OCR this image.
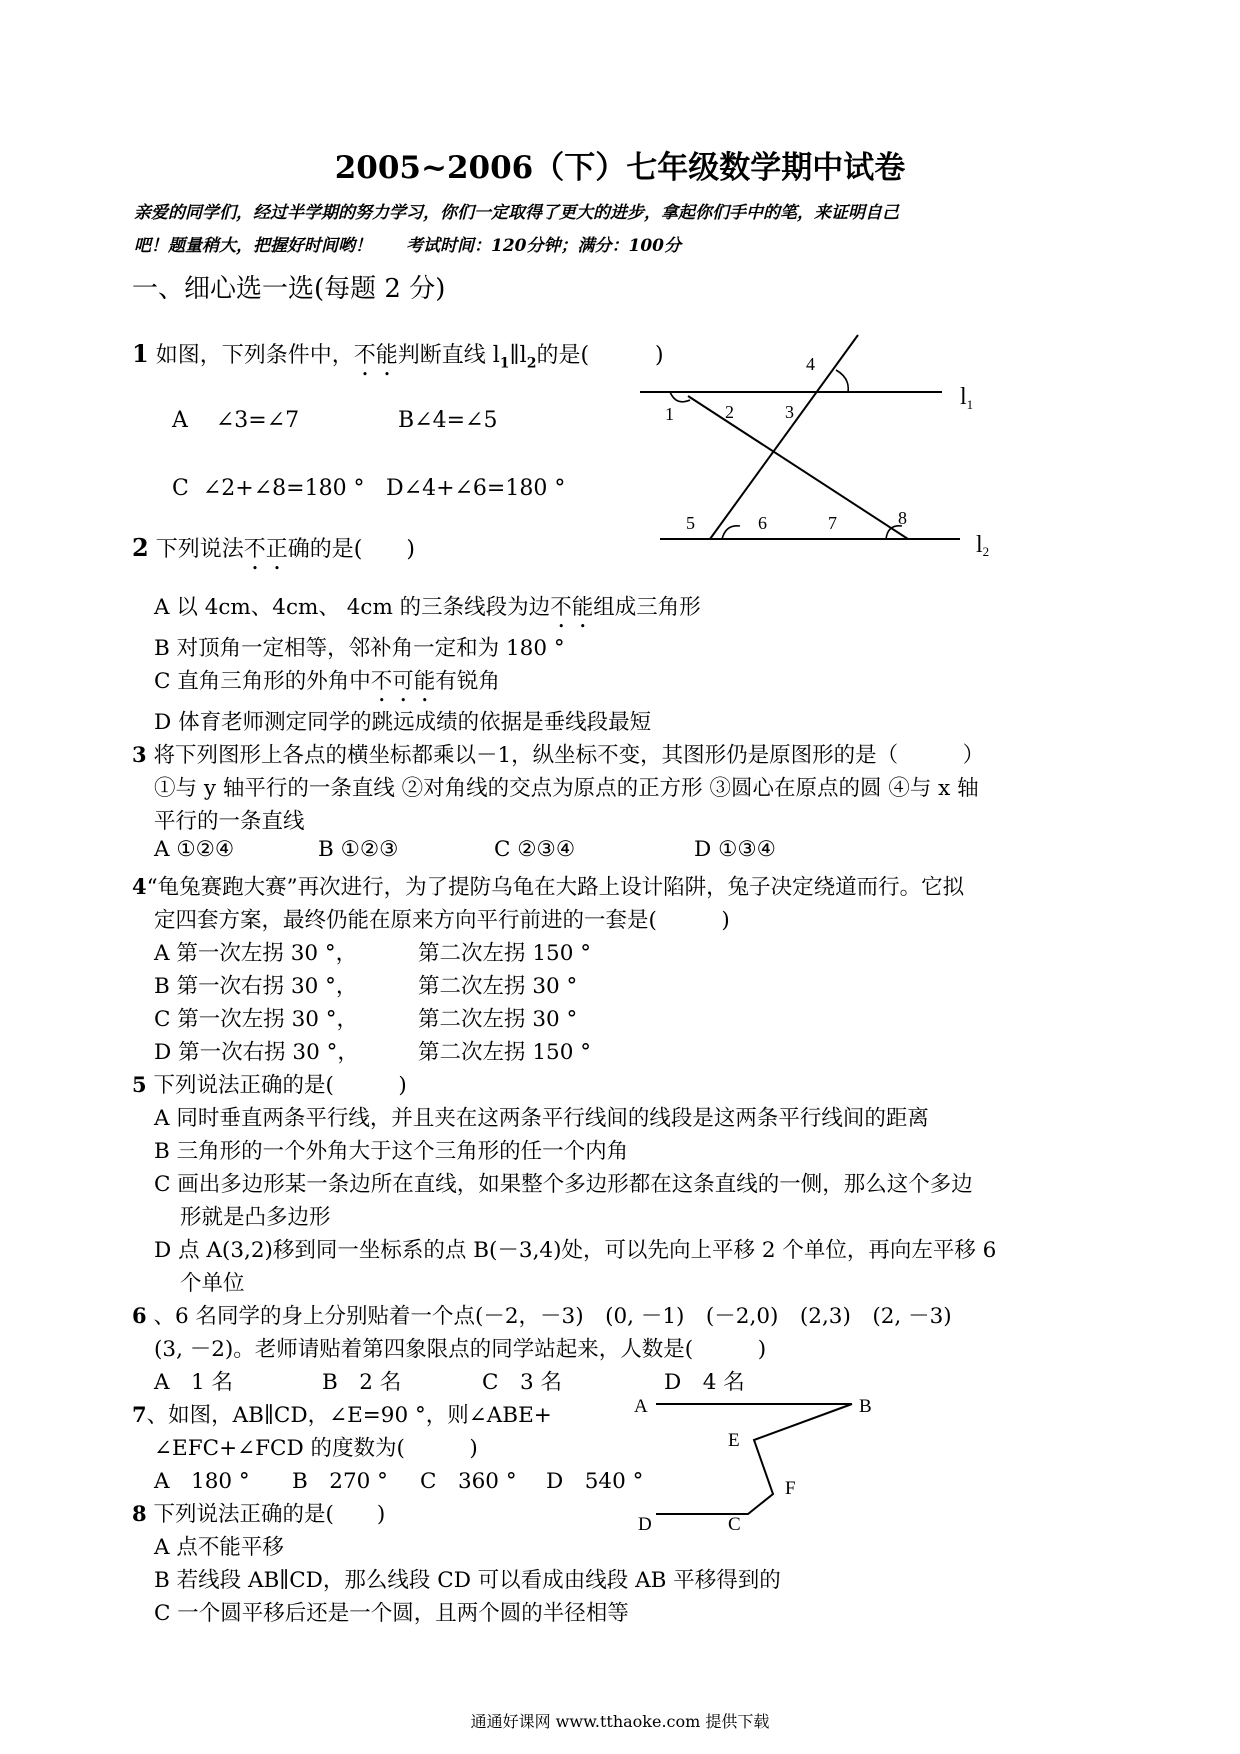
2005~2006（下）七年级数学期中试卷
亲爱的同学们，经过半学期的努力学习，你们一定取得了更大的进步，拿起你们手中的笔，来证明自己
吧！题量稍大，把握好时间哟！ 考试时间：120分钟；满分：100分
一、细心选一选(每题 2 分)
1 如图，下列条件中，不能判断直线 $l_1\parallel l_2$的是(　　　)
A ∠3=∠7	B∠4=∠5
C ∠2+∠8=180 ° D∠4+∠6=180 °
1	2	3
4
5	6	7	8
$l_1$
l2
2 下列说法不正确的是(　　)
A 以 4cm、4cm、 4cm 的三条线段为边不能组成三角形
B 对顶角一定相等，邻补角一定和为 180 °
C 直角三角形的外角中不可能有锐角
D 体育老师测定同学的跳远成绩的依据是垂线段最短
3 将下列图形上各点的横坐标都乘以－1，纵坐标不变，其图形仍是原图形的是（　　　）
①与 y 轴平行的一条直线 ②对角线的交点为原点的正方形 ③圆心在原点的圆 ④与 x 轴
平行的一条直线
A ①②④	B ①②③	C ②③④	D ①③④
4“龟兔赛跑大赛”再次进行，为了提防乌龟在大路上设计陷阱，兔子决定绕道而行。它拟
定四套方案，最终仍能在原来方向平行前进的一套是(　　　)
A 第一次左拐 30 °，	第二次左拐 150 °
B 第一次右拐 30 °，	第二次左拐 30 °
C 第一次左拐 30 °，	第二次左拐 30 °
D 第一次右拐 30 °，	第二次左拐 150 °
5 下列说法正确的是(　　　)
A 同时垂直两条平行线，并且夹在这两条平行线间的线段是这两条平行线间的距离
B 三角形的一个外角大于这个三角形的任一个内角
C 画出多边形某一条边所在直线，如果整个多边形都在这条直线的一侧，那么这个多边
形就是凸多边形
D 点 A(3,2)移到同一坐标系的点 B(－3,4)处，可以先向上平移 2 个单位，再向左平移 6
个单位
6 、6 名同学的身上分别贴着一个点(－2，－3)　(0, －1)　(－2,0)　(2,3)　(2, －3)
(3, －2)。老师请贴着第四象限点的同学站起来，人数是(　　　)
A　1 名	B　2 名	C　3 名	D　4 名
7、如图，AB∥CD，∠E=90 °，则∠ABE+
∠EFC+∠FCD 的度数为(　　　)
A　180 ° B　270 ° C　360 ° D　540 °
A	B
E
F
D	C
8 下列说法正确的是(　　)
A 点不能平移
B 若线段 AB∥CD，那么线段 CD 可以看成由线段 AB 平移得到的
C 一个圆平移后还是一个圆，且两个圆的半径相等
通通好课网 www.tthaoke.com 提供下载
